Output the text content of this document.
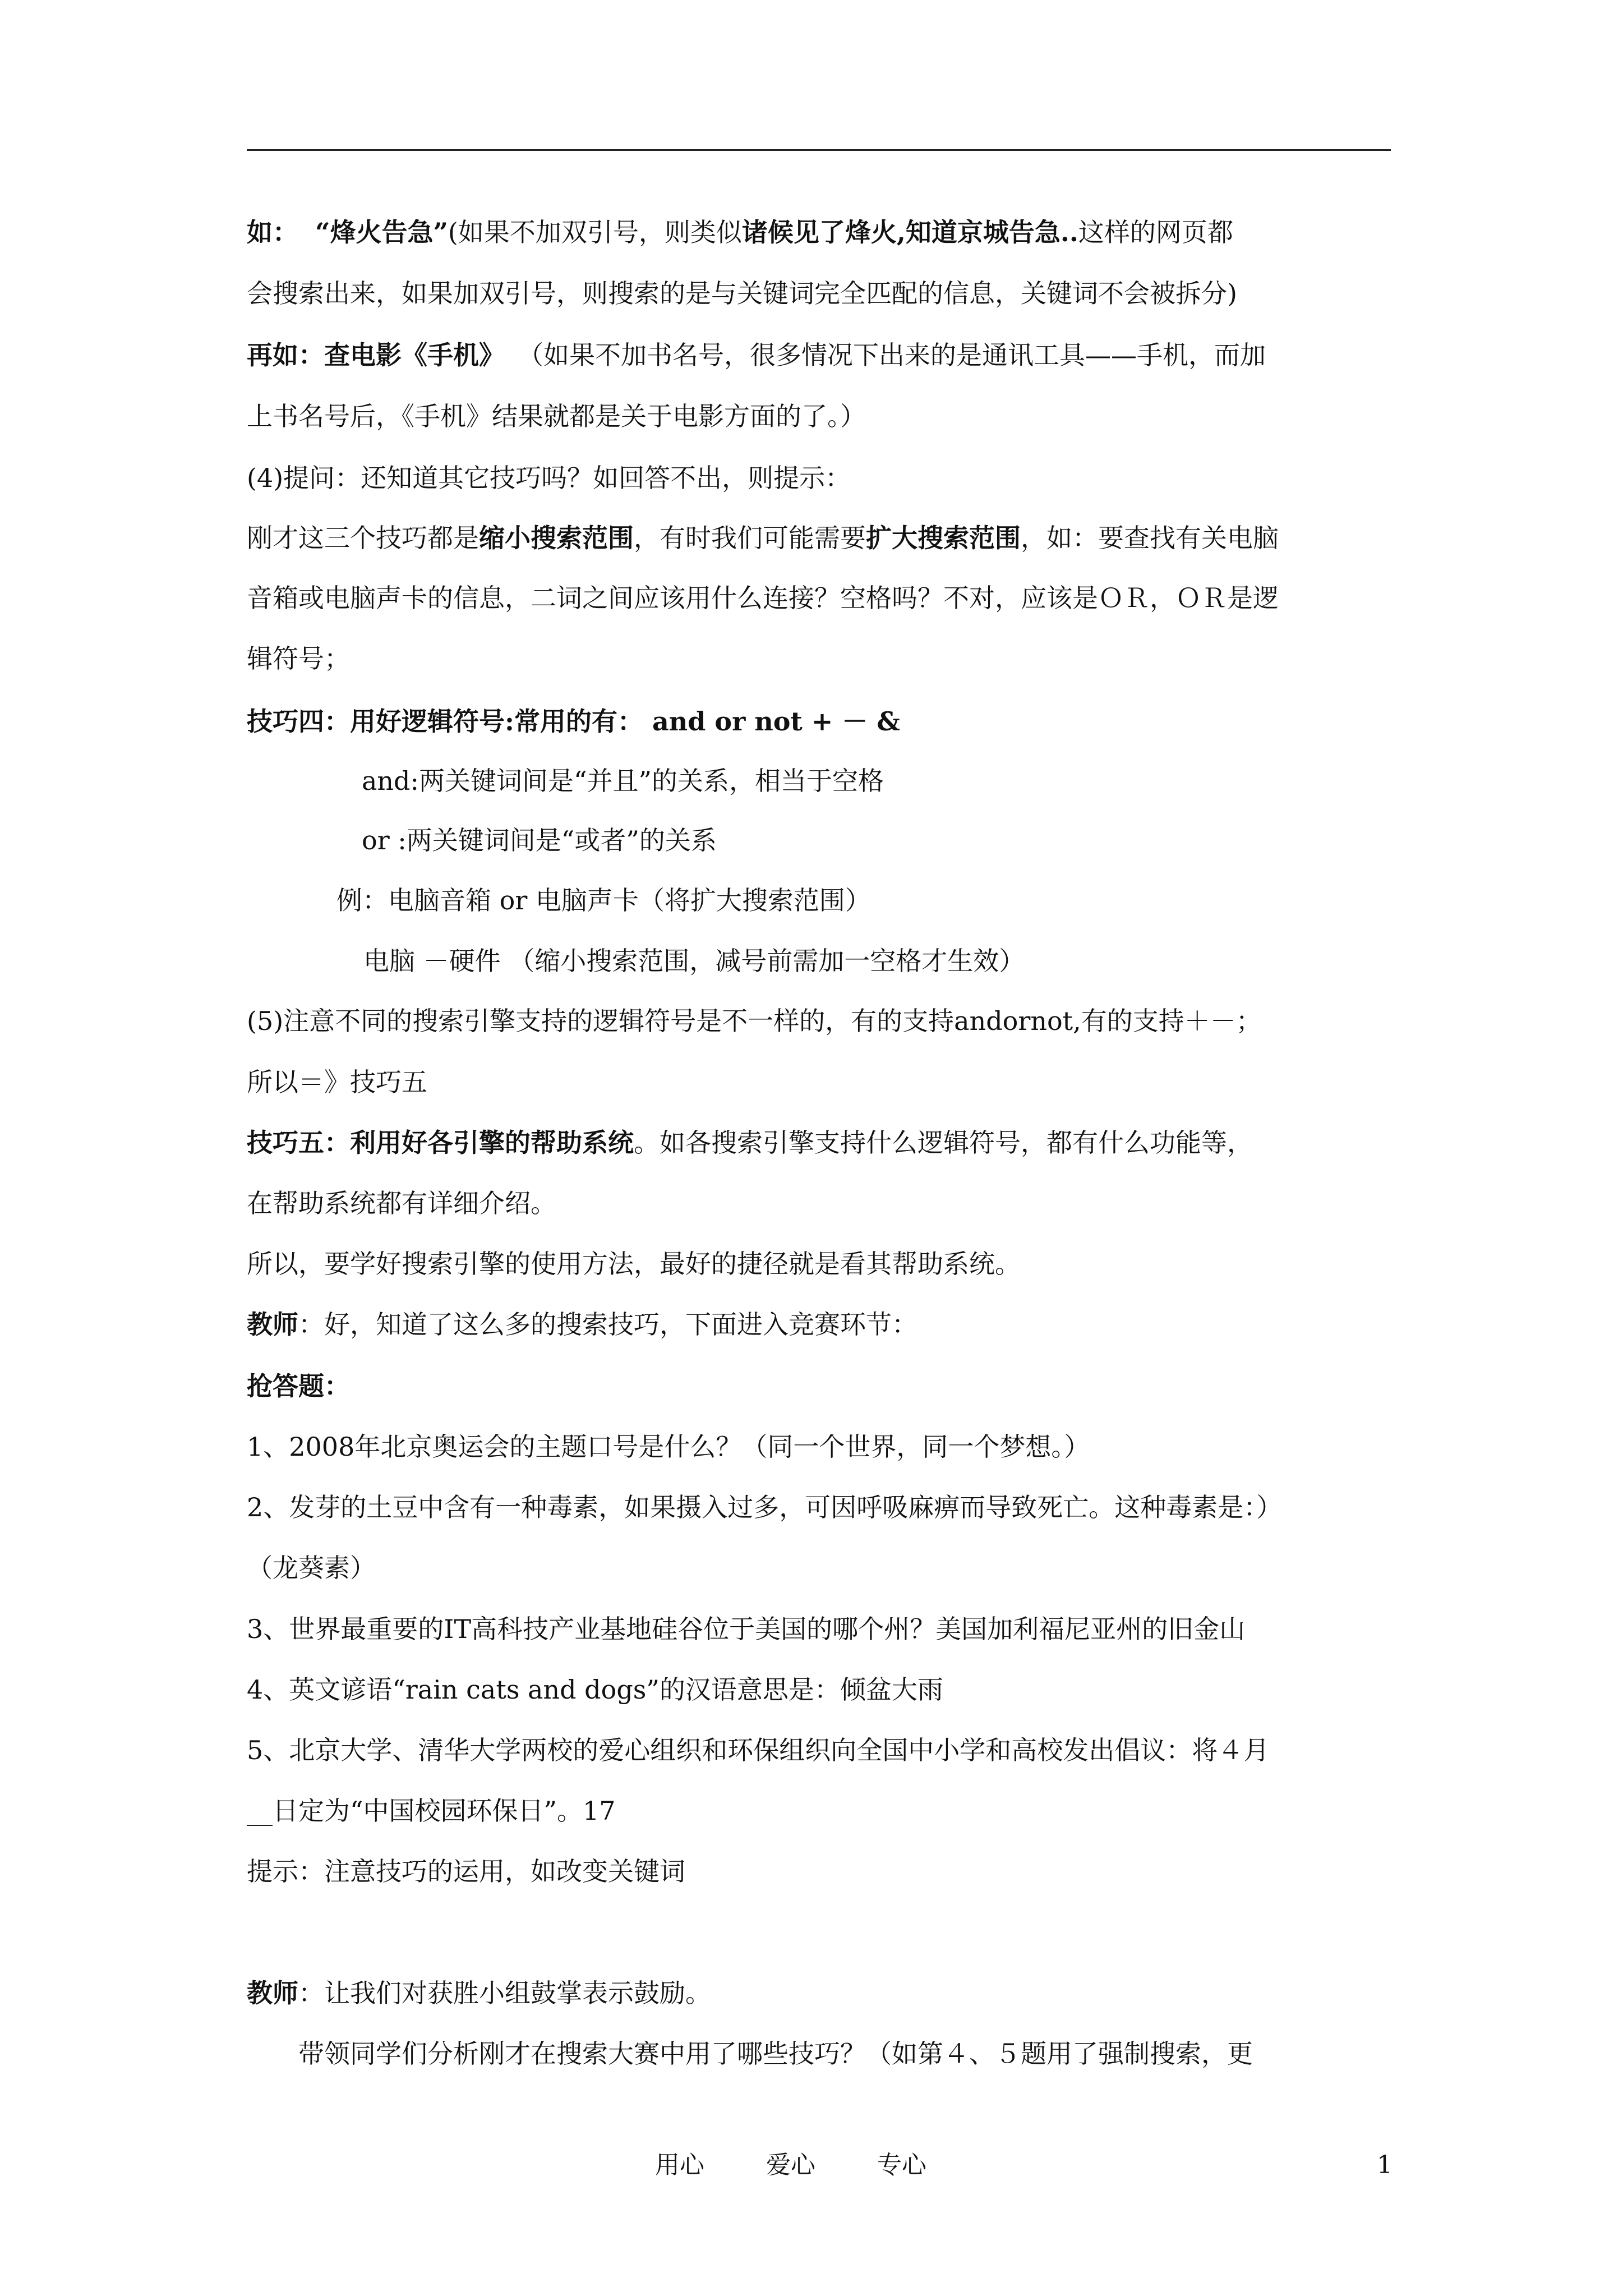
如： “烽火告急”(如果不加双引号，则类似诸候见了烽火,知道京城告急..这样的网页都
会搜索出来，如果加双引号，则搜索的是与关键词完全匹配的信息，关键词不会被拆分)
再如：查电影《手机》 （如果不加书名号，很多情况下出来的是通讯工具——手机，而加
上书名号后，《手机》结果就都是关于电影方面的了。）
(4)提问：还知道其它技巧吗？如回答不出，则提示：
刚才这三个技巧都是缩小搜索范围，有时我们可能需要扩大搜索范围，如：要查找有关电脑
音箱或电脑声卡的信息，二词之间应该用什么连接？空格吗？不对，应该是ＯＲ，ＯＲ是逻
辑符号；
技巧四：用好逻辑符号:常用的有： and or not + － &
and:两关键词间是“并且”的关系，相当于空格
or :两关键词间是“或者”的关系
例：电脑音箱 or 电脑声卡（将扩大搜索范围）
电脑 －硬件 （缩小搜索范围，减号前需加一空格才生效）
(5)注意不同的搜索引擎支持的逻辑符号是不一样的，有的支持andornot,有的支持＋－；
所以＝》技巧五
技巧五：利用好各引擎的帮助系统。如各搜索引擎支持什么逻辑符号，都有什么功能等，
在帮助系统都有详细介绍。
所以，要学好搜索引擎的使用方法，最好的捷径就是看其帮助系统。
教师：好，知道了这么多的搜索技巧，下面进入竞赛环节：
抢答题：
1、2008年北京奥运会的主题口号是什么？（同一个世界，同一个梦想。）
2、发芽的土豆中含有一种毒素，如果摄入过多，可因呼吸麻痹而导致死亡。这种毒素是：）
（龙葵素）
3、世界最重要的IT高科技产业基地硅谷位于美国的哪个州？美国加利福尼亚州的旧金山
4、英文谚语“rain cats and dogs”的汉语意思是：倾盆大雨
5、北京大学、清华大学两校的爱心组织和环保组织向全国中小学和高校发出倡议：将４月
__日定为“中国校园环保日”。17
提示：注意技巧的运用，如改变关键词
教师：让我们对获胜小组鼓掌表示鼓励。
带领同学们分析刚才在搜索大赛中用了哪些技巧？（如第４、５题用了强制搜索，更
用心	爱心	专心	1
